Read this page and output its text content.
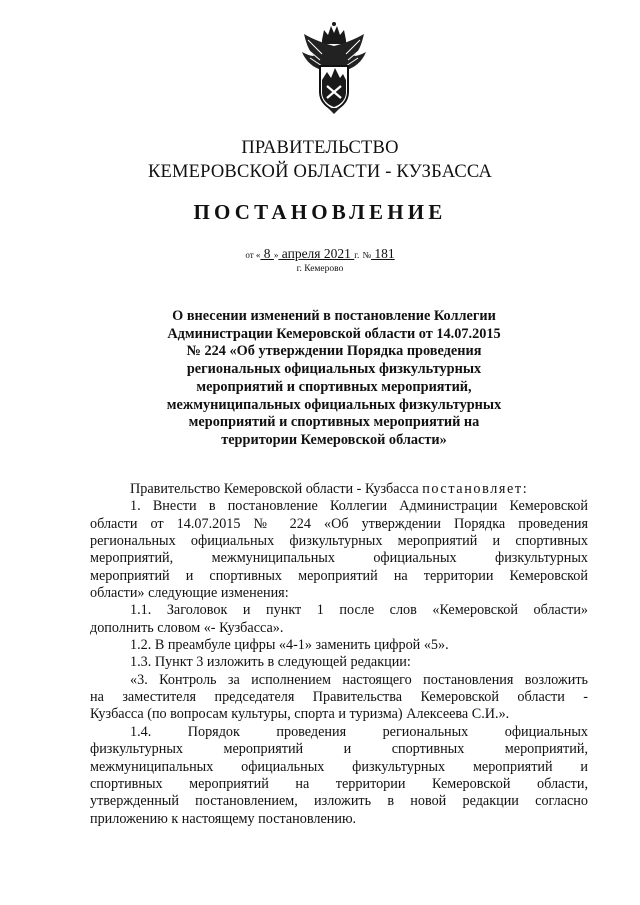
ПРАВИТЕЛЬСТВО
КЕМЕРОВСКОЙ ОБЛАСТИ - КУЗБАССА
ПОСТАНОВЛЕНИЕ
от « 8 » апреля 2021 г. № 181
г. Кемерово
О внесении изменений в постановление Коллегии
Администрации Кемеровской области от 14.07.2015
№ 224 «Об утверждении Порядка проведения
региональных официальных физкультурных
мероприятий и спортивных мероприятий,
межмуниципальных официальных физкультурных
мероприятий и спортивных мероприятий на
территории Кемеровской области»
Правительство Кемеровской области - Кузбасса постановляет:
1. Внести в постановление Коллегии Администрации Кемеровской
области от 14.07.2015 № 224 «Об утверждении Порядка проведения
региональных официальных физкультурных мероприятий и спортивных
мероприятий, межмуниципальных официальных физкультурных
мероприятий и спортивных мероприятий на территории Кемеровской
области» следующие изменения:
1.1. Заголовок и пункт 1 после слов «Кемеровской области»
дополнить словом «- Кузбасса».
1.2. В преамбуле цифры «4-1» заменить цифрой «5».
1.3. Пункт 3 изложить в следующей редакции:
«3. Контроль за исполнением настоящего постановления возложить
на заместителя председателя Правительства Кемеровской области -
Кузбасса (по вопросам культуры, спорта и туризма) Алексеева С.И.».
1.4. Порядок проведения региональных официальных
физкультурных мероприятий и спортивных мероприятий,
межмуниципальных официальных физкультурных мероприятий и
спортивных мероприятий на территории Кемеровской области,
утвержденный постановлением, изложить в новой редакции согласно
приложению к настоящему постановлению.
